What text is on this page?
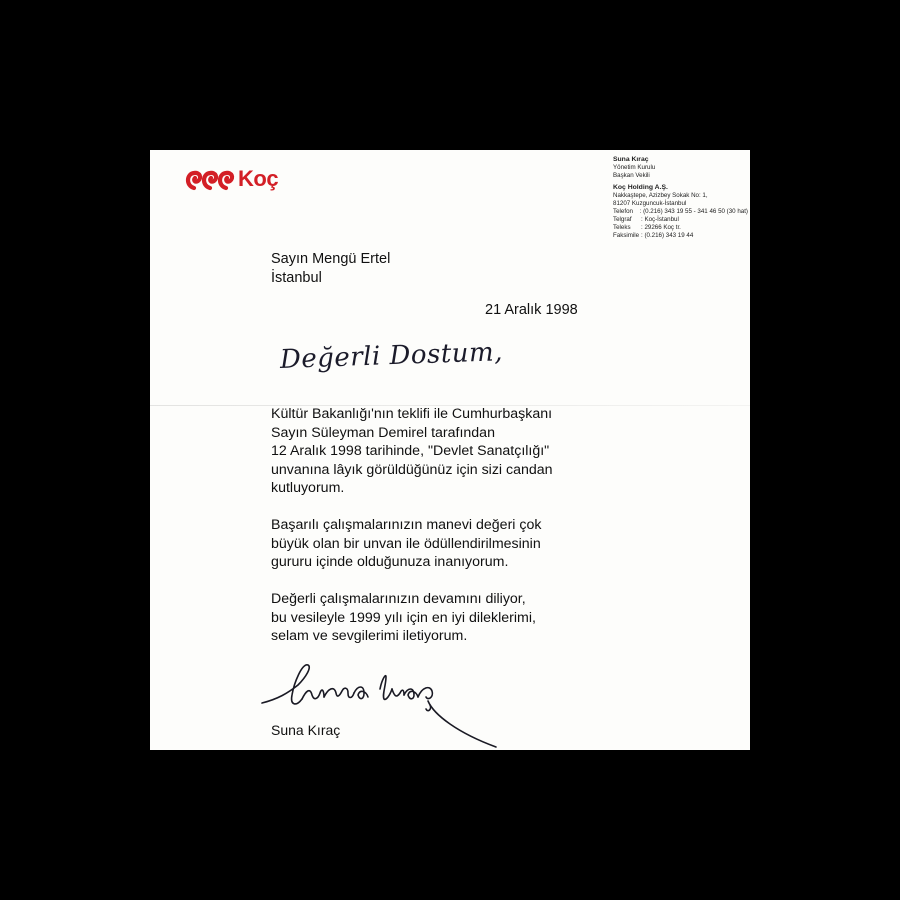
Koç
Suna Kıraç
Yönetim Kurulu
Başkan Vekili
Koç Holding A.Ş.
Nakkaştepe, Azizbey Sokak No: 1,
81207 Kuzguncuk-İstanbul
Telefon	: (0.216) 343 19 55 - 341 46 50 (30 hat)
Telgraf	: Koç-İstanbul
Teleks	: 29266 Koç tr.
Faksimile : (0.216) 343 19 44
Sayın Mengü Ertel
İstanbul
21 Aralık 1998
Değerli Dostum,

Kültür Bakanlığı'nın teklifi ile Cumhurbaşkanı
Sayın Süleyman Demirel tarafından
12 Aralık 1998 tarihinde, "Devlet Sanatçılığı"
unvanına lâyık görüldüğünüz için sizi candan
kutluyorum.

Başarılı çalışmalarınızın manevi değeri çok
büyük olan bir unvan ile ödüllendirilmesinin
gururu içinde olduğunuza inanıyorum.

Değerli çalışmalarınızın devamını diliyor,
bu vesileyle 1999 yılı için en iyi dileklerimi,
selam ve sevgilerimi iletiyorum.

Suna Kıraç
